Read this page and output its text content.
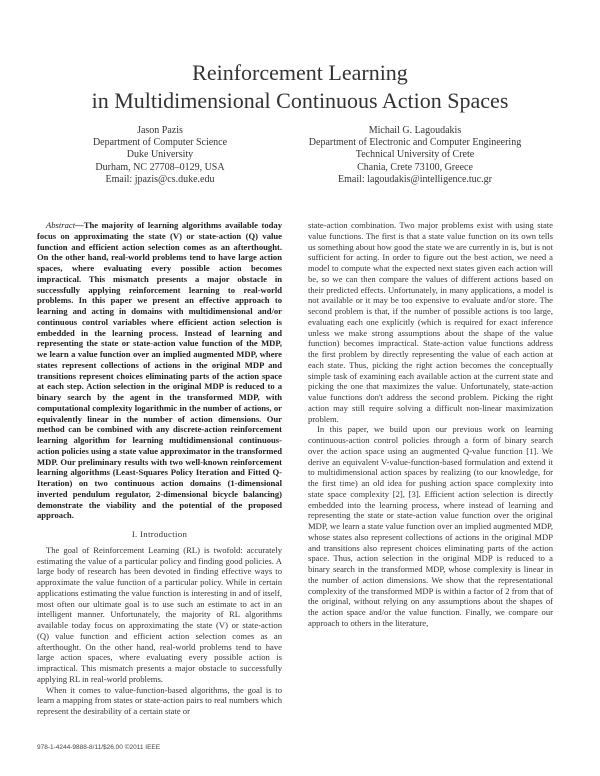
Reinforcement Learning
in Multidimensional Continuous Action Spaces
Jason Pazis
Department of Computer Science
Duke University
Durham, NC 27708–0129, USA
Email: jpazis@cs.duke.edu
Michail G. Lagoudakis
Department of Electronic and Computer Engineering
Technical University of Crete
Chania, Crete 73100, Greece
Email: lagoudakis@intelligence.tuc.gr

Abstract—The majority of learning algorithms available today focus on approximating the state (V) or state-action (Q) value function and efficient action selection comes as an afterthought. On the other hand, real-world problems tend to have large action spaces, where evaluating every possible action becomes impractical. This mismatch presents a major obstacle in successfully applying reinforcement learning to real-world problems. In this paper we present an effective approach to learning and acting in domains with multidimensional and/or continuous control variables where efficient action selection is embedded in the learning process. Instead of learning and representing the state or state-action value function of the MDP, we learn a value function over an implied augmented MDP, where states represent collections of actions in the original MDP and transitions represent choices eliminating parts of the action space at each step. Action selection in the original MDP is reduced to a binary search by the agent in the transformed MDP, with computational complexity logarithmic in the number of actions, or equivalently linear in the number of action dimensions. Our method can be combined with any discrete-action reinforcement learning algorithm for learning multidimensional continuous-action policies using a state value approximator in the transformed MDP. Our preliminary results with two well-known reinforcement learning algorithms (Least-Squares Policy Iteration and Fitted Q-Iteration) on two continuous action domains (1-dimensional inverted pendulum regulator, 2-dimensional bicycle balancing) demonstrate the viability and the potential of the proposed approach.

I. Introduction

The goal of Reinforcement Learning (RL) is twofold: accurately estimating the value of a particular policy and finding good policies. A large body of research has been devoted in finding effective ways to approximate the value function of a particular policy. While in certain applications estimating the value function is interesting in and of itself, most often our ultimate goal is to use such an estimate to act in an intelligent manner. Unfortunately, the majority of RL algorithms available today focus on approximating the state (V) or state-action (Q) value function and efficient action selection comes as an afterthought. On the other hand, real-world problems tend to have large action spaces, where evaluating every possible action is impractical. This mismatch presents a major obstacle to successfully applying RL in real-world problems.

When it comes to value-function-based algorithms, the goal is to learn a mapping from states or state-action pairs to real numbers which represent the desirability of a certain state or

state-action combination. Two major problems exist with using state value functions. The first is that a state value function on its own tells us something about how good the state we are currently in is, but is not sufficient for acting. In order to figure out the best action, we need a model to compute what the expected next states given each action will be, so we can then compare the values of different actions based on their predicted effects. Unfortunately, in many applications, a model is not available or it may be too expensive to evaluate and/or store. The second problem is that, if the number of possible actions is too large, evaluating each one explicitly (which is required for exact inference unless we make strong assumptions about the shape of the value function) becomes impractical. State-action value functions address the first problem by directly representing the value of each action at each state. Thus, picking the right action becomes the conceptually simple task of examining each available action at the current state and picking the one that maximizes the value. Unfortunately, state-action value functions don't address the second problem. Picking the right action may still require solving a difficult non-linear maximization problem.

In this paper, we build upon our previous work on learning continuous-action control policies through a form of binary search over the action space using an augmented Q-value function [1]. We derive an equivalent V-value-function-based formulation and extend it to multidimensional action spaces by realizing (to our knowledge, for the first time) an old idea for pushing action space complexity into state space complexity [2], [3]. Efficient action selection is directly embedded into the learning process, where instead of learning and representing the state or state-action value function over the original MDP, we learn a state value function over an implied augmented MDP, whose states also represent collections of actions in the original MDP and transitions also represent choices eliminating parts of the action space. Thus, action selection in the original MDP is reduced to a binary search in the transformed MDP, whose complexity is linear in the number of action dimensions. We show that the representational complexity of the transformed MDP is within a factor of 2 from that of the original, without relying on any assumptions about the shapes of the action space and/or the value function. Finally, we compare our approach to others in the literature,

978-1-4244-9888-8/11/$26.00 ©2011 IEEE
